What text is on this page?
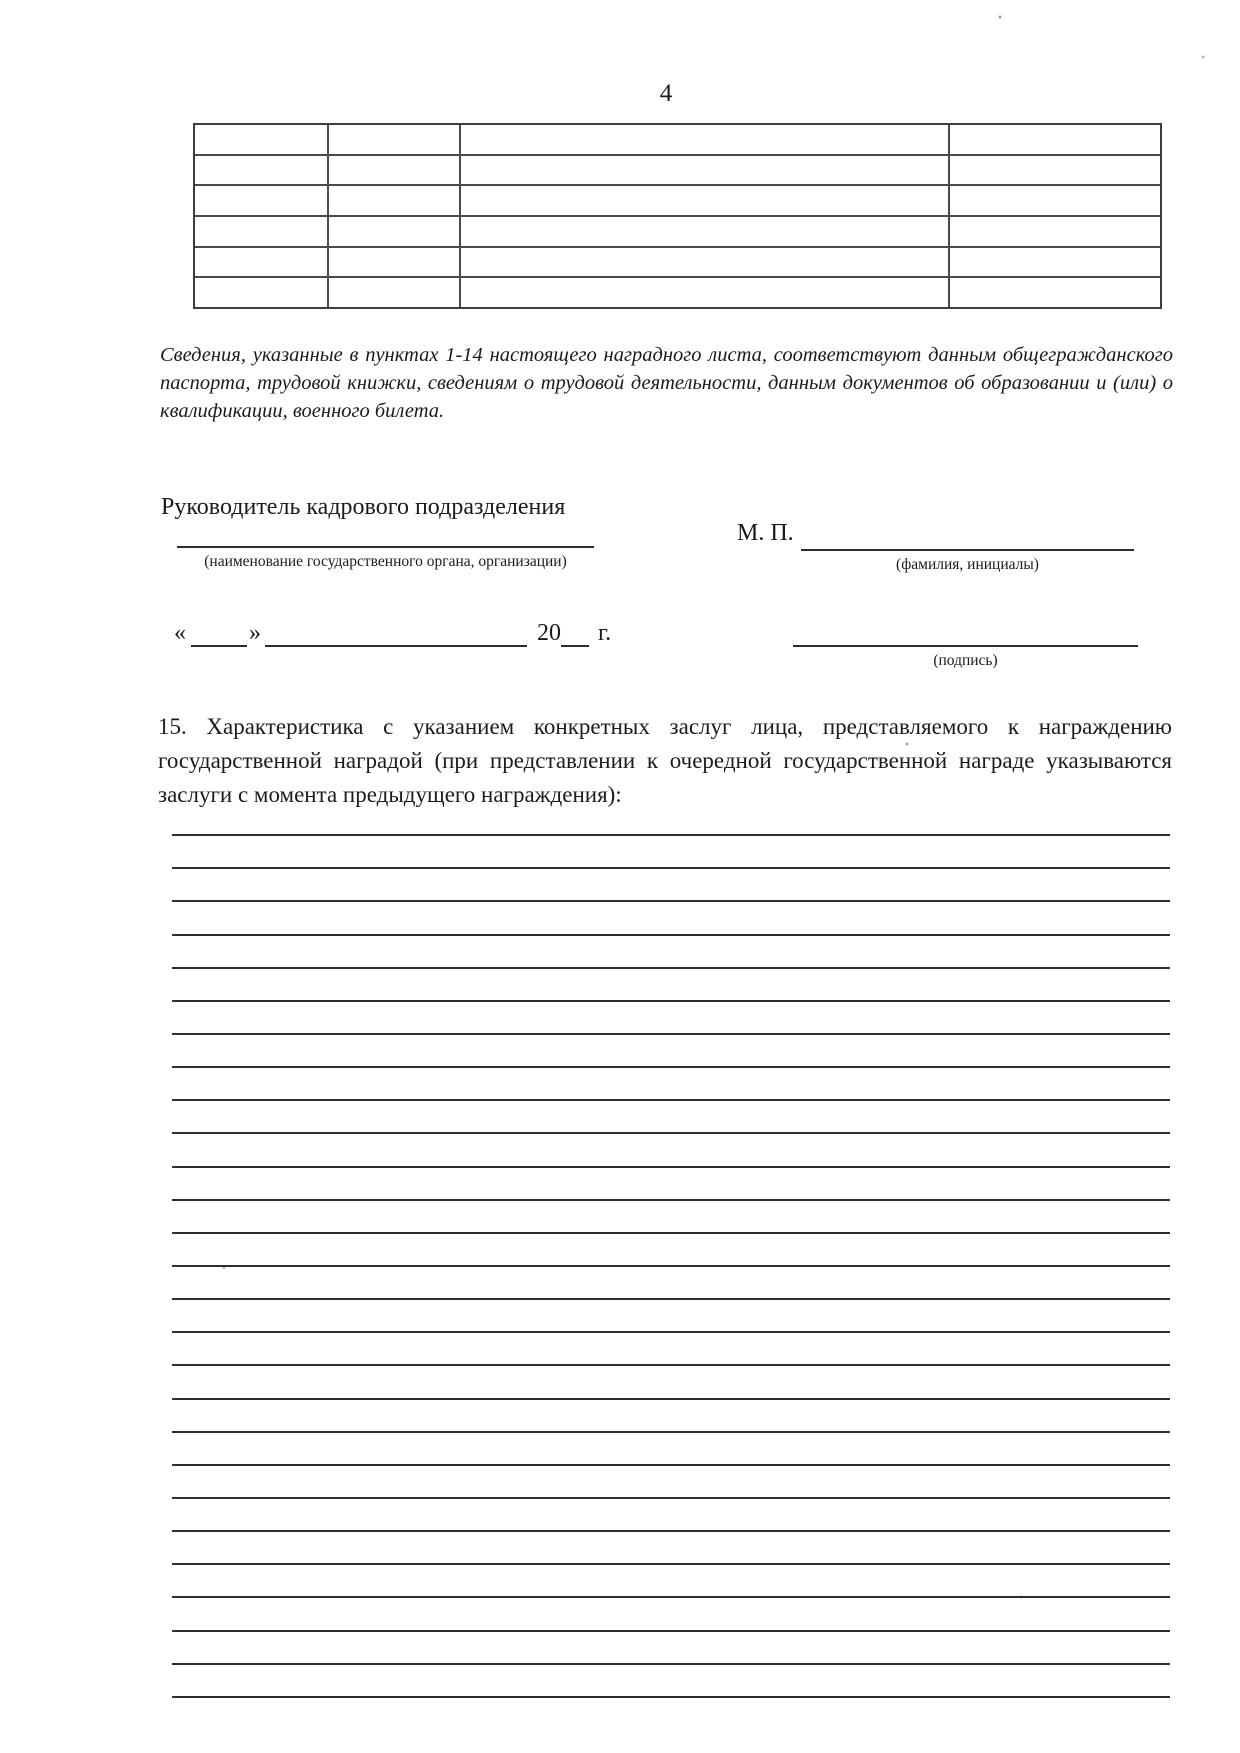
4
Сведения, указанные в пунктах 1-14 настоящего наградного листа, соответствуют данным общегражданского паспорта, трудовой книжки, сведениям о трудовой деятельности, данным документов об образовании и (или) о квалификации, военного билета.
Руководитель кадрового подразделения
(наименование государственного органа, организации)
М. П.
(фамилия, инициалы)
«	»	20 г.
(подпись)
15. Характеристика с указанием конкретных заслуг лица, представляемого к награждению государственной наградой (при представлении к очередной государственной награде указываются заслуги с момента предыдущего награждения):
